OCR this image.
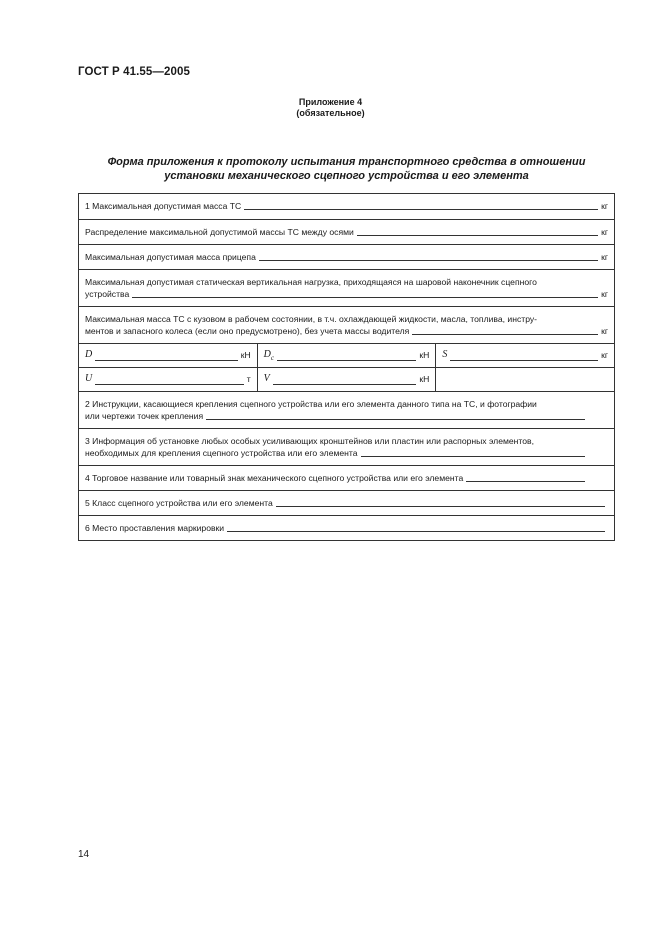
ГОСТ Р 41.55—2005
Приложение 4
(обязательное)
Форма приложения к протоколу испытания транспортного средства в отношении
установки механического сцепного устройства и его элемента
1 Максимальная допустимая масса ТС	кг
Распределение максимальной допустимой массы ТС между осями	кг
Максимальная допустимая масса прицепа	кг
Максимальная допустимая статическая вертикальная нагрузка, приходящаяся на шаровой наконечник сцепного
устройства	кг
Максимальная масса ТС с кузовом в рабочем состоянии, в т.ч. охлаждающей жидкости, масла, топлива, инстру-
ментов и запасного колеса (если оно предусмотрено), без учета массы водителя	кг
D	кН $D_c$	кН S	кг
U	т V	кН
2 Инструкции, касающиеся крепления сцепного устройства или его элемента данного типа на ТС, и фотографии
или чертежи точек крепления
3 Информация об установке любых особых усиливающих кронштейнов или пластин или распорных элементов,
необходимых для крепления сцепного устройства или его элемента
4 Торговое название или товарный знак механического сцепного устройства или его элемента
5 Класс сцепного устройства или его элемента
6 Место проставления маркировки
14
